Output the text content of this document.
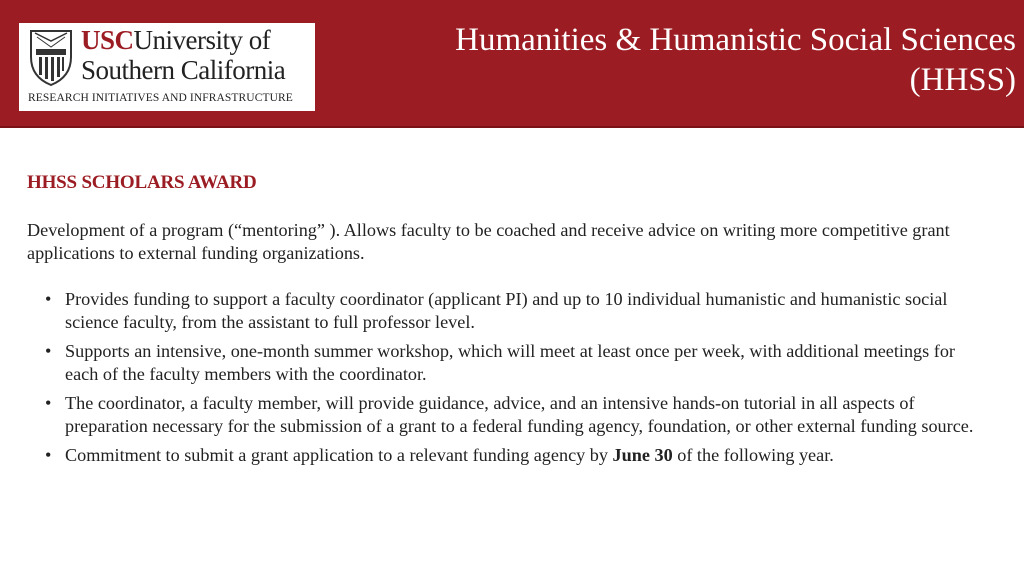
USCUniversity of
Southern California
RESEARCH INITIATIVES AND INFRASTRUCTURE
Humanities & Humanistic Social Sciences
(HHSS)
HHSS SCHOLARS AWARD

Development of a program (“mentoring” ). Allows faculty to be coached and receive advice on writing more competitive grant applications to external funding organizations.

• Provides funding to support a faculty coordinator (applicant PI) and up to 10 individual humanistic and humanistic social science faculty, from the assistant to full professor level.
• Supports an intensive, one-month summer workshop, which will meet at least once per week, with additional meetings for each of the faculty members with the coordinator.
• The coordinator, a faculty member, will provide guidance, advice, and an intensive hands-on tutorial in all aspects of preparation necessary for the submission of a grant to a federal funding agency, foundation, or other external funding source.
• Commitment to submit a grant application to a relevant funding agency by June 30 of the following year.
